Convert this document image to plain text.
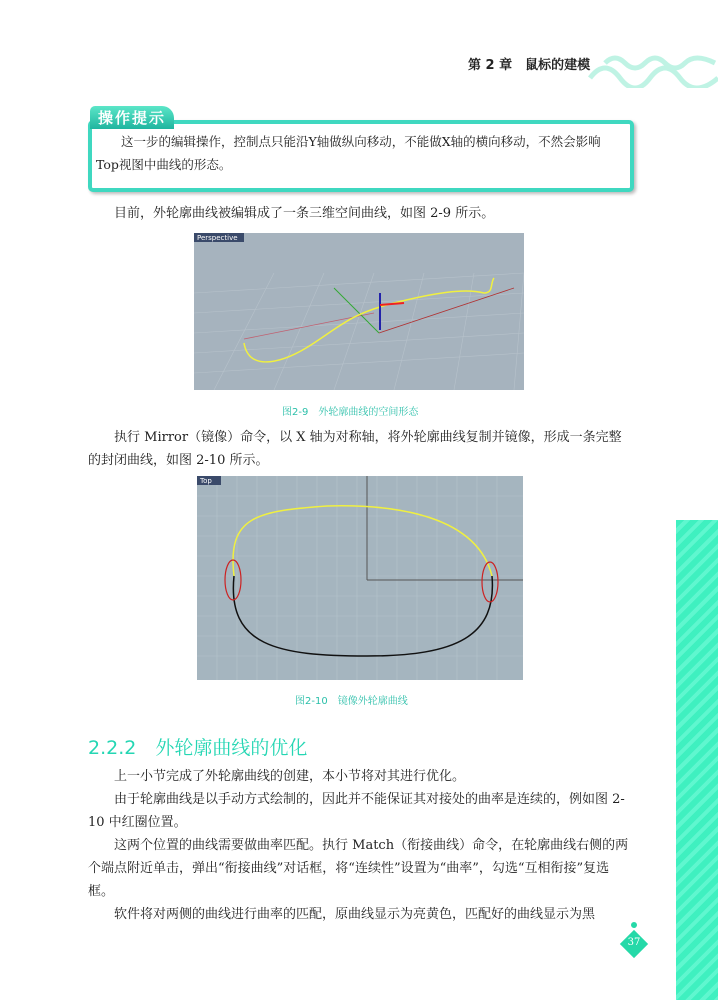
第 2 章　鼠标的建模
操作提示
这一步的编辑操作，控制点只能沿Y轴做纵向移动，不能做X轴的横向移动，不然会影响Top视图中曲线的形态。
目前，外轮廓曲线被编辑成了一条三维空间曲线，如图 2-9 所示。
Perspective
图2-9　外轮廓曲线的空间形态
执行 Mirror（镜像）命令，以 X 轴为对称轴，将外轮廓曲线复制并镜像，形成一条完整的封闭曲线，如图 2-10 所示。
Top
图2-10　镜像外轮廓曲线
2.2.2　外轮廓曲线的优化
上一小节完成了外轮廓曲线的创建，本小节将对其进行优化。
由于轮廓曲线是以手动方式绘制的，因此并不能保证其对接处的曲率是连续的，例如图 2-10 中红圈位置。
这两个位置的曲线需要做曲率匹配。执行 Match（衔接曲线）命令，在轮廓曲线右侧的两个端点附近单击，弹出“衔接曲线”对话框，将“连续性”设置为“曲率”，勾选“互相衔接”复选框。
软件将对两侧的曲线进行曲率的匹配，原曲线显示为亮黄色，匹配好的曲线显示为黑
37
